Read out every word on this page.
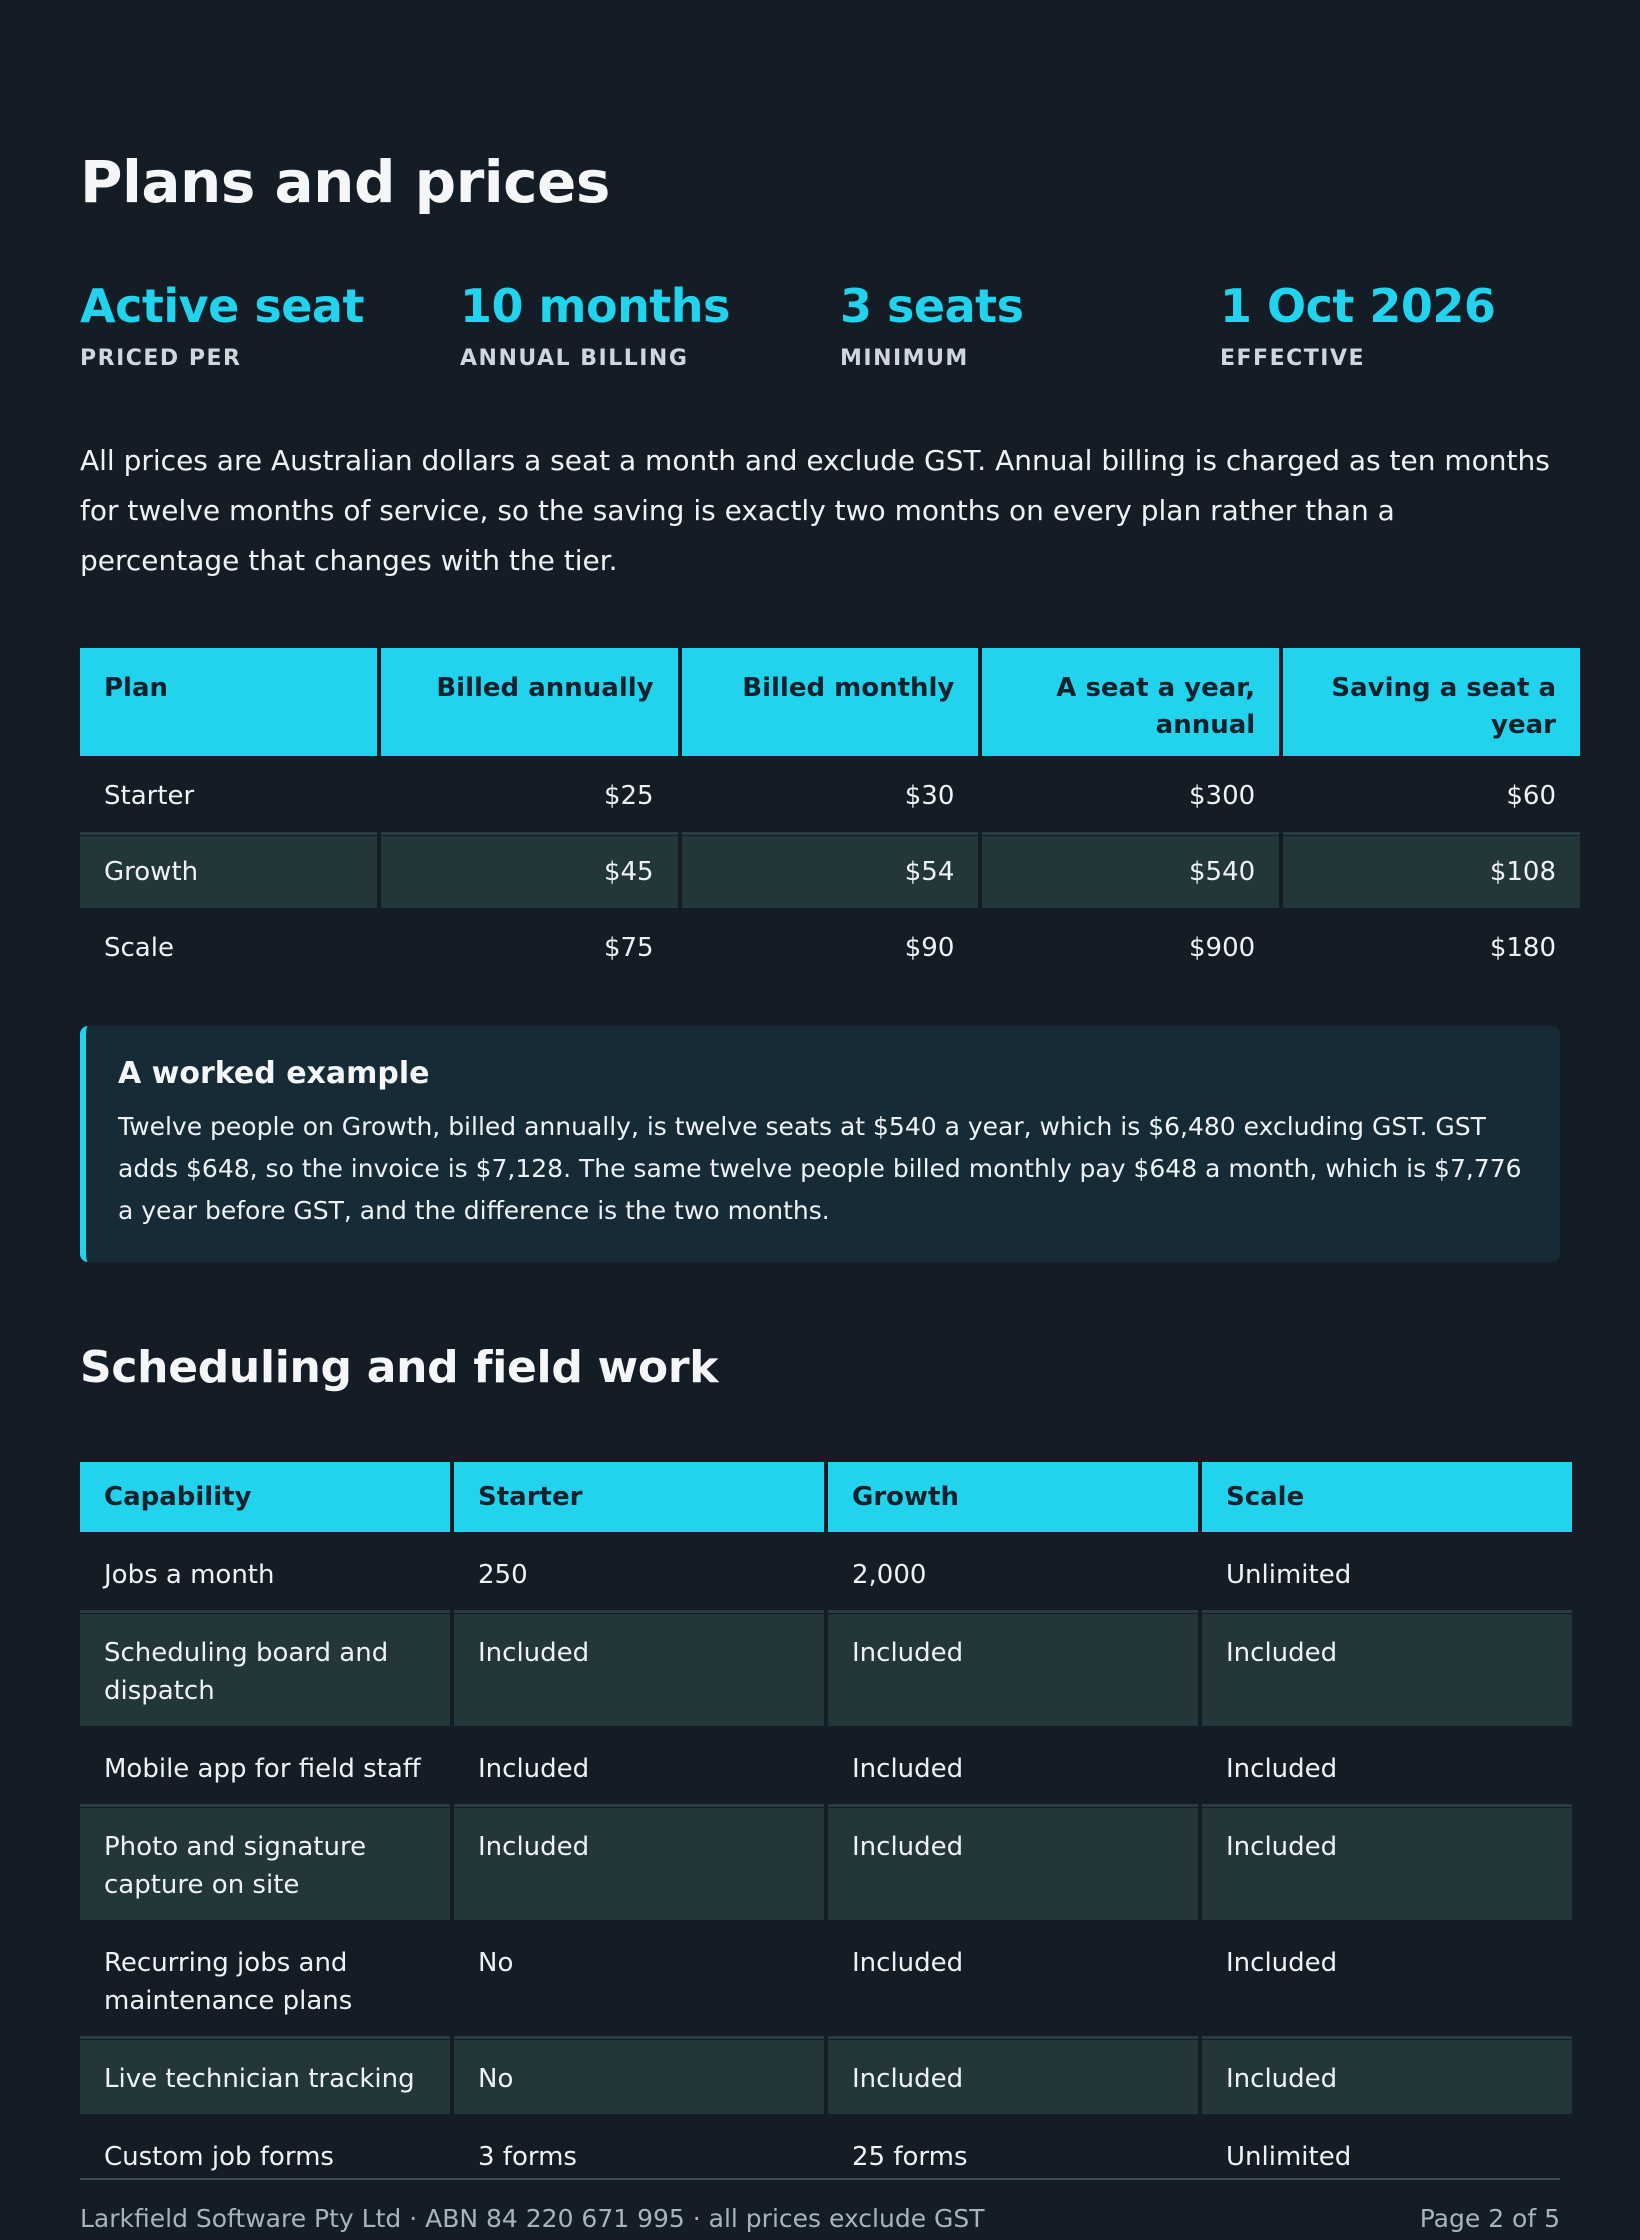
Plans and prices
Active seat
PRICED PER
10 months
ANNUAL BILLING
3 seats
MINIMUM
1 Oct 2026
EFFECTIVE

All prices are Australian dollars a seat a month and exclude GST. Annual billing is charged as ten months for twelve months of service, so the saving is exactly two months on every plan rather than a percentage that changes with the tier.

Plan	Billed annually	Billed monthly	A seat a year, annual	Saving a seat a year
Starter	$25	$30	$300	$60
Growth	$45	$54	$540	$108
Scale	$75	$90	$900	$180
A worked example

Twelve people on Growth, billed annually, is twelve seats at $540 a year, which is $6,480 excluding GST. GST adds $648, so the invoice is $7,128. The same twelve people billed monthly pay $648 a month, which is $7,776 a year before GST, and the difference is the two months.

Scheduling and field work
Capability	Starter	Growth	Scale
Jobs a month	250	2,000	Unlimited
Scheduling board and dispatch	Included	Included	Included
Mobile app for field staff	Included	Included	Included
Photo and signature capture on site	Included	Included	Included
Recurring jobs and maintenance plans	No	Included	Included
Live technician tracking	No	Included	Included
Custom job forms	3 forms	25 forms	Unlimited
Larkfield Software Pty Ltd · ABN 84 220 671 995 · all prices exclude GST	Page 2 of 5
